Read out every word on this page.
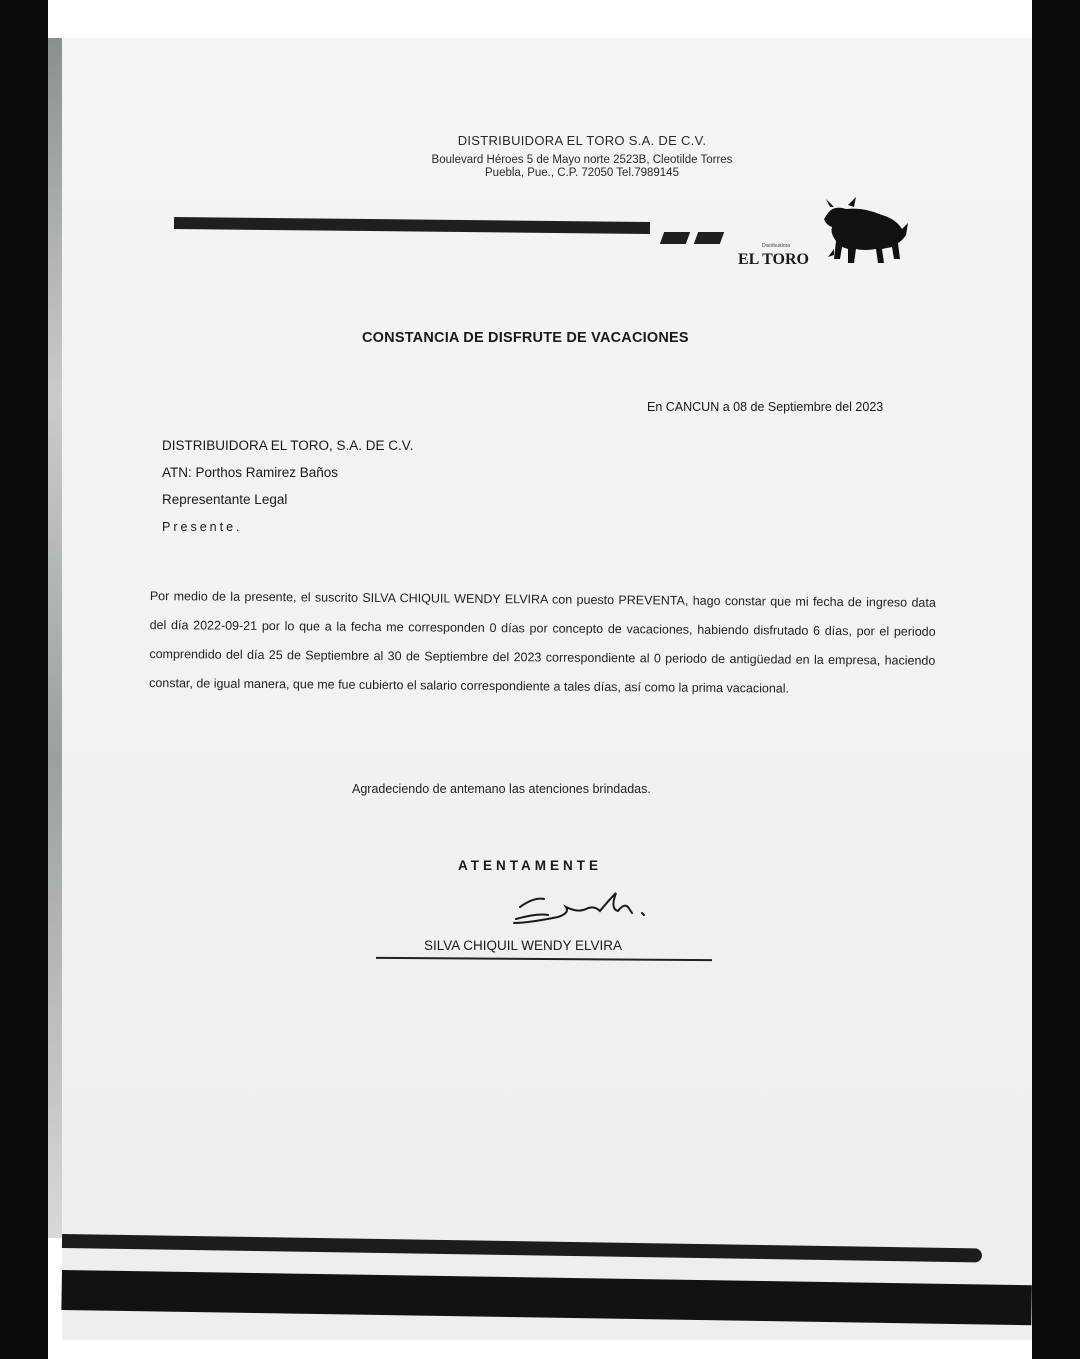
DISTRIBUIDORA EL TORO S.A. DE C.V.
Boulevard Héroes 5 de Mayo norte 2523B, Cleotilde Torres
Puebla, Pue., C.P. 72050 Tel.7989145
Distribuidora
EL TORO
CONSTANCIA DE DISFRUTE DE VACACIONES
En CANCUN a 08 de Septiembre del 2023
DISTRIBUIDORA EL TORO, S.A. DE C.V.
ATN: Porthos Ramirez Baños
Representante Legal
Presente.
Por medio de la presente, el suscrito SILVA CHIQUIL WENDY ELVIRA con puesto PREVENTA, hago constar que mi fecha de ingreso data del día 2022-09-21 por lo que a la fecha me corresponden 0 días por concepto de vacaciones, habiendo disfrutado 6 días, por el periodo comprendido del día 25 de Septiembre al 30 de Septiembre del 2023 correspondiente al 0 periodo de antigüedad en la empresa, haciendo constar, de igual manera, que me fue cubierto el salario correspondiente a tales días, así como la prima vacacional.
Agradeciendo de antemano las atenciones brindadas.
ATENTAMENTE
SILVA CHIQUIL WENDY ELVIRA
